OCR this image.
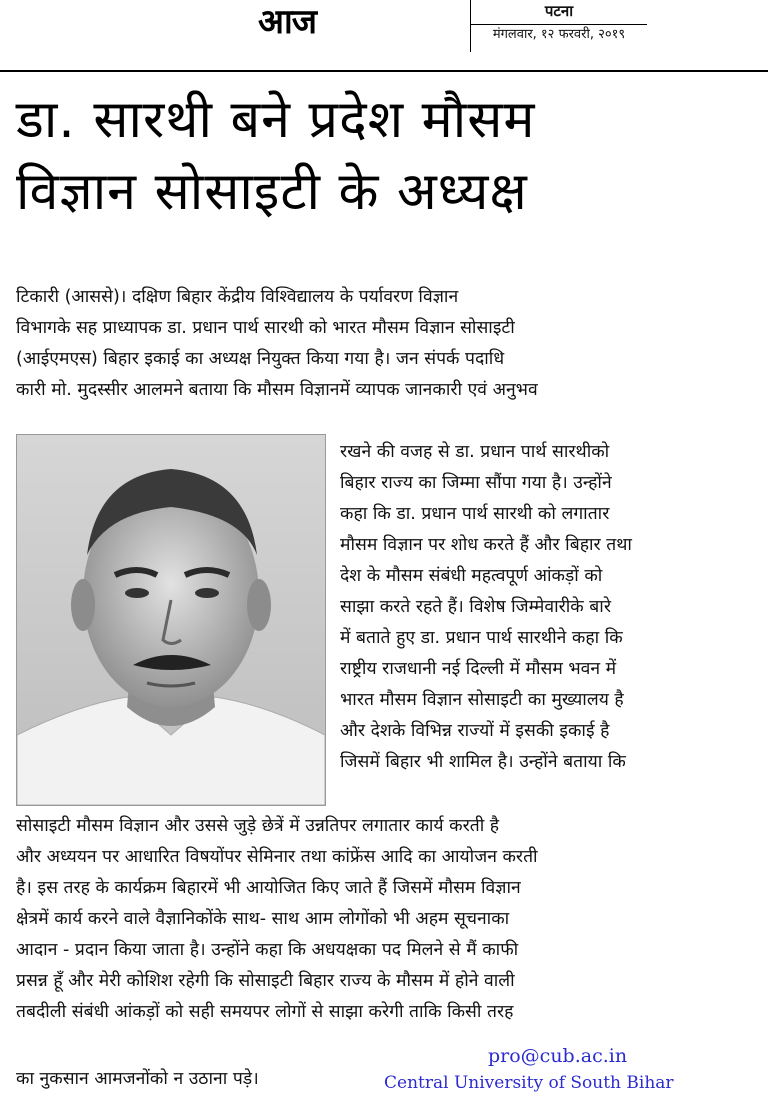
आज	पटना
मंगलवार, १२ फरवरी, २०१९
डा. सारथी बने प्रदेश मौसम
विज्ञान सोसाइटी के अध्यक्ष
टिकारी (आससे)। दक्षिण बिहार केंद्रीय विश्विद्यालय के पर्यावरण विज्ञान
विभागके सह प्राध्यापक डा. प्रधान पार्थ सारथी को भारत मौसम विज्ञान सोसाइटी
(आईएमएस) बिहार इकाई का अध्यक्ष नियुक्त किया गया है। जन संपर्क पदाधि
कारी मो. मुदस्सीर आलमने बताया कि मौसम विज्ञानमें व्यापक जानकारी एवं अनुभव
रखने की वजह से डा. प्रधान पार्थ सारथीको
बिहार राज्य का जिम्मा सौंपा गया है। उन्होंने
कहा कि डा. प्रधान पार्थ सारथी को लगातार
मौसम विज्ञान पर शोध करते हैं और बिहार तथा
देश के मौसम संबंधी महत्वपूर्ण आंकड़ों को
साझा करते रहते हैं। विशेष जिम्मेवारीके बारे
में बताते हुए डा. प्रधान पार्थ सारथीने कहा कि
राष्ट्रीय राजधानी नई दिल्ली में मौसम भवन में
भारत मौसम विज्ञान सोसाइटी का मुख्यालय है
और देशके विभिन्न राज्यों में इसकी इकाई है
जिसमें बिहार भी शामिल है। उन्होंने बताया कि
सोसाइटी मौसम विज्ञान और उससे जुड़े छेत्रें में उन्नतिपर लगातार कार्य करती है
और अध्ययन पर आधारित विषयोंपर सेमिनार तथा कांफ्रेंस आदि का आयोजन करती
है। इस तरह के कार्यक्रम बिहारमें भी आयोजित किए जाते हैं जिसमें मौसम विज्ञान
क्षेत्रमें कार्य करने वाले वैज्ञानिकोंके साथ- साथ आम लोगोंको भी अहम सूचनाका
आदान - प्रदान किया जाता है। उन्होंने कहा कि अधयक्षका पद मिलने से मैं काफी
प्रसन्न हूँ और मेरी कोशिश रहेगी कि सोसाइटी बिहार राज्य के मौसम में होने वाली
तबदीली संबंधी आंकड़ों को सही समयपर लोगों से साझा करेगी ताकि किसी तरह
का नुकसान आमजनोंको न उठाना पड़े।
pro@cub.ac.in
Central University of South Bihar
